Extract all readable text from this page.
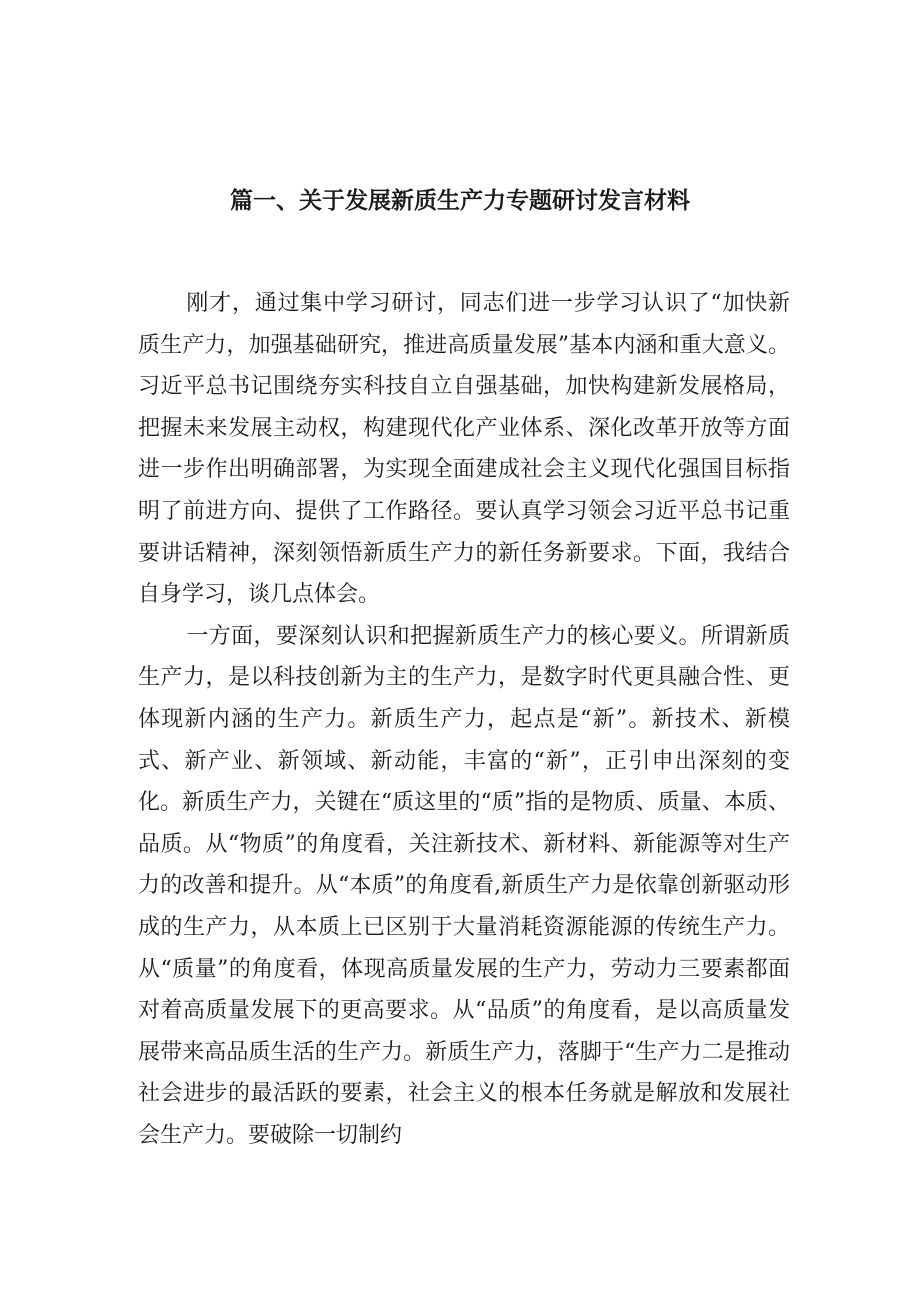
篇一、关于发展新质生产力专题研讨发言材料

刚才，通过集中学习研讨，同志们进一步学习认识了“加快新质生产力，加强基础研究，推进高质量发展”基本内涵和重大意义。习近平总书记围绕夯实科技自立自强基础，加快构建新发展格局，把握未来发展主动权，构建现代化产业体系、深化改革开放等方面进一步作出明确部署，为实现全面建成社会主义现代化强国目标指明了前进方向、提供了工作路径。要认真学习领会习近平总书记重要讲话精神，深刻领悟新质生产力的新任务新要求。下面，我结合自身学习，谈几点体会。

一方面，要深刻认识和把握新质生产力的核心要义。所谓新质生产力，是以科技创新为主的生产力，是数字时代更具融合性、更体现新内涵的生产力。新质生产力，起点是“新”。新技术、新模式、新产业、新领域、新动能，丰富的“新”，正引申出深刻的变化。新质生产力，关键在“质这里的“质”指的是物质、质量、本质、品质。从“物质”的角度看，关注新技术、新材料、新能源等对生产力的改善和提升。从“本质”的角度看,新质生产力是依靠创新驱动形成的生产力，从本质上已区别于大量消耗资源能源的传统生产力。从“质量”的角度看，体现高质量发展的生产力，劳动力三要素都面对着高质量发展下的更高要求。从“品质”的角度看，是以高质量发展带来高品质生活的生产力。新质生产力，落脚于“生产力二是推动社会进步的最活跃的要素，社会主义的根本任务就是解放和发展社会生产力。要破除一切制约
